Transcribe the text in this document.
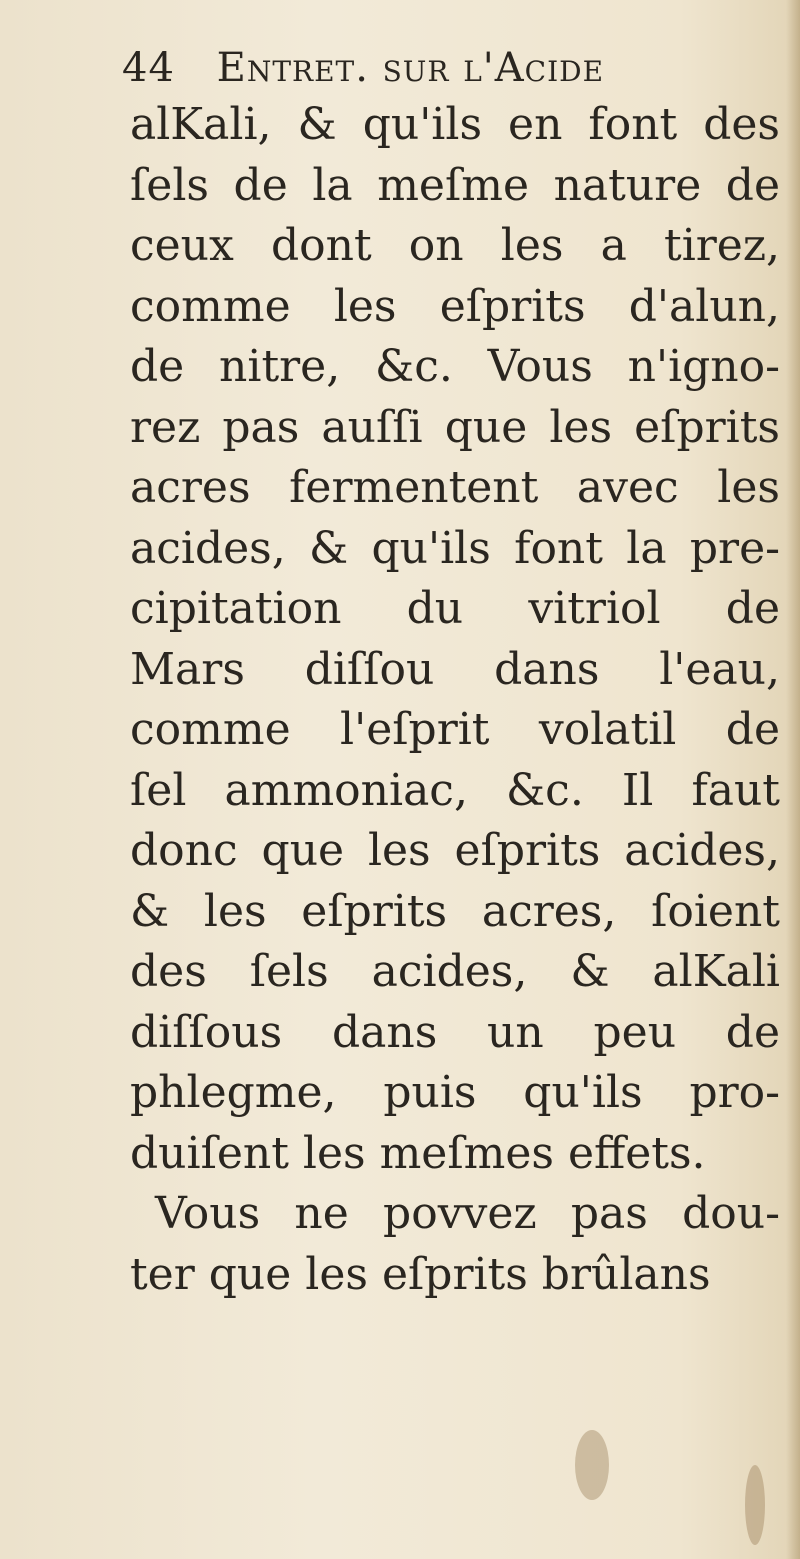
44 Entret. sur l'Acide
alKali, & qu'ils en font des
ſels de la meſme nature de
ceux dont on les a tirez,
comme les eſprits d'alun,
de nitre, &c. Vous n'igno-
rez pas auſſi que les eſprits
acres fermentent avec les
acides, & qu'ils font la pre-
cipitation du vitriol de
Mars diſſou dans l'eau,
comme l'eſprit volatil de
ſel ammoniac, &c. Il faut
donc que les eſprits acides,
& les eſprits acres, ſoient
des ſels acides, & alKali
diſſous dans un peu de
phlegme, puis qu'ils pro-
duiſent les meſmes effets.
Vous ne povvez pas dou-
ter que les eſprits brûlans
